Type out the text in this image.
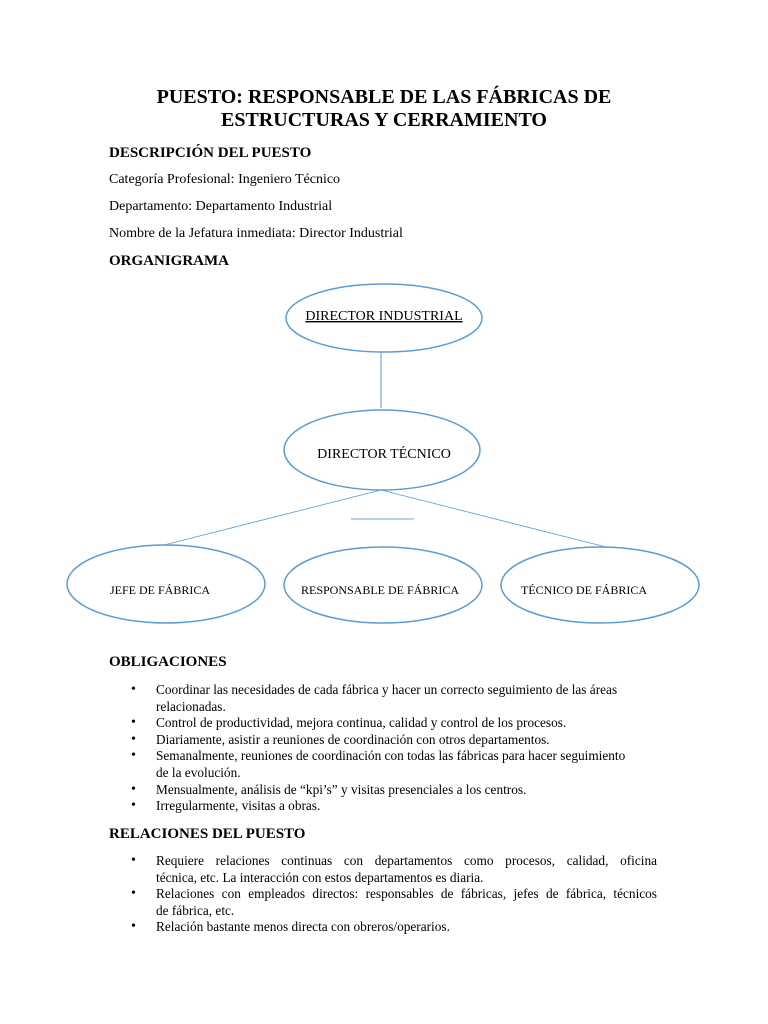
PUESTO: RESPONSABLE DE LAS FÁBRICAS DE
ESTRUCTURAS Y CERRAMIENTO
DESCRIPCIÓN DEL PUESTO
Categoría Profesional: Ingeniero Técnico
Departamento: Departamento Industrial
Nombre de la Jefatura inmediata: Director Industrial
ORGANIGRAMA
DIRECTOR INDUSTRIAL
DIRECTOR TÉCNICO
JEFE DE FÁBRICA	RESPONSABLE DE FÁBRICA	TÉCNICO DE FÁBRICA
OBLIGACIONES
• Coordinar las necesidades de cada fábrica y hacer un correcto seguimiento de las áreas
relacionadas.
• Control de productividad, mejora continua, calidad y control de los procesos.
• Diariamente, asistir a reuniones de coordinación con otros departamentos.
• Semanalmente, reuniones de coordinación con todas las fábricas para hacer seguimiento
de la evolución.
• Mensualmente, análisis de “kpi’s” y visitas presenciales a los centros.
• Irregularmente, visitas a obras.
RELACIONES DEL PUESTO
• Requiere relaciones continuas con departamentos como procesos, calidad, oficina
técnica, etc. La interacción con estos departamentos es diaria.
• Relaciones con empleados directos: responsables de fábricas, jefes de fábrica, técnicos
de fábrica, etc.
• Relación bastante menos directa con obreros/operarios.
